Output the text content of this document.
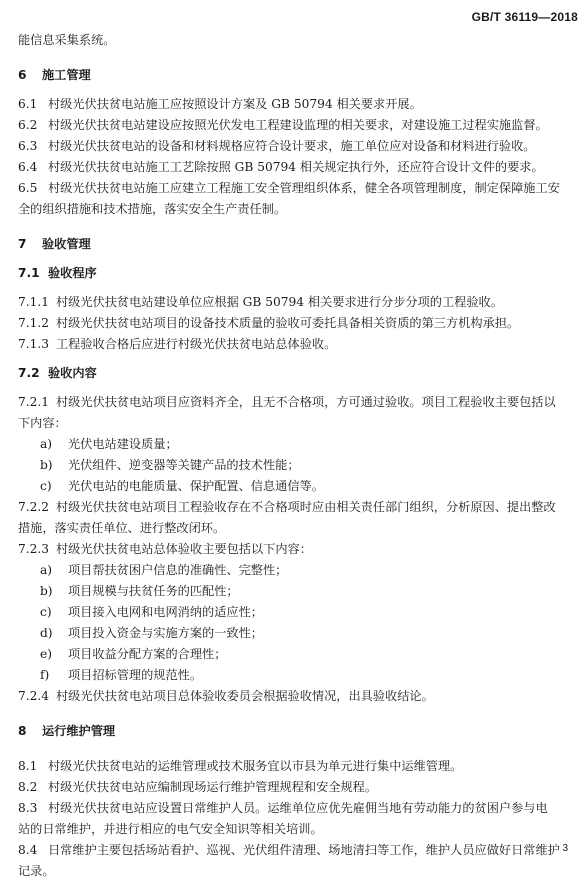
GB/T 36119—2018
能信息采集系统。
6 施工管理
6.1 村级光伏扶贫电站施工应按照设计方案及 GB 50794 相关要求开展。
6.2 村级光伏扶贫电站建设应按照光伏发电工程建设监理的相关要求，对建设施工过程实施监督。
6.3 村级光伏扶贫电站的设备和材料规格应符合设计要求，施工单位应对设备和材料进行验收。
6.4 村级光伏扶贫电站施工工艺除按照 GB 50794 相关规定执行外，还应符合设计文件的要求。
6.5 村级光伏扶贫电站施工应建立工程施工安全管理组织体系，健全各项管理制度，制定保障施工安
全的组织措施和技术措施，落实安全生产责任制。
7 验收管理
7.1 验收程序
7.1.1 村级光伏扶贫电站建设单位应根据 GB 50794 相关要求进行分步分项的工程验收。
7.1.2 村级光伏扶贫电站项目的设备技术质量的验收可委托具备相关资质的第三方机构承担。
7.1.3 工程验收合格后应进行村级光伏扶贫电站总体验收。
7.2 验收内容
7.2.1 村级光伏扶贫电站项目应资料齐全，且无不合格项，方可通过验收。项目工程验收主要包括以
下内容：
a) 光伏电站建设质量；
b) 光伏组件、逆变器等关键产品的技术性能；
c) 光伏电站的电能质量、保护配置、信息通信等。
7.2.2 村级光伏扶贫电站项目工程验收存在不合格项时应由相关责任部门组织，分析原因、提出整改
措施，落实责任单位、进行整改闭环。
7.2.3 村级光伏扶贫电站总体验收主要包括以下内容：
a) 项目帮扶贫困户信息的准确性、完整性；
b) 项目规模与扶贫任务的匹配性；
c) 项目接入电网和电网消纳的适应性；
d) 项目投入资金与实施方案的一致性；
e) 项目收益分配方案的合理性；
f) 项目招标管理的规范性。
7.2.4 村级光伏扶贫电站项目总体验收委员会根据验收情况，出具验收结论。
8 运行维护管理
8.1 村级光伏扶贫电站的运维管理或技术服务宜以市县为单元进行集中运维管理。
8.2 村级光伏扶贫电站应编制现场运行维护管理规程和安全规程。
8.3 村级光伏扶贫电站应设置日常维护人员。运维单位应优先雇佣当地有劳动能力的贫困户参与电
站的日常维护，并进行相应的电气安全知识等相关培训。
8.4 日常维护主要包括场站看护、巡视、光伏组件清理、场地清扫等工作，维护人员应做好日常维护
记录。
3
